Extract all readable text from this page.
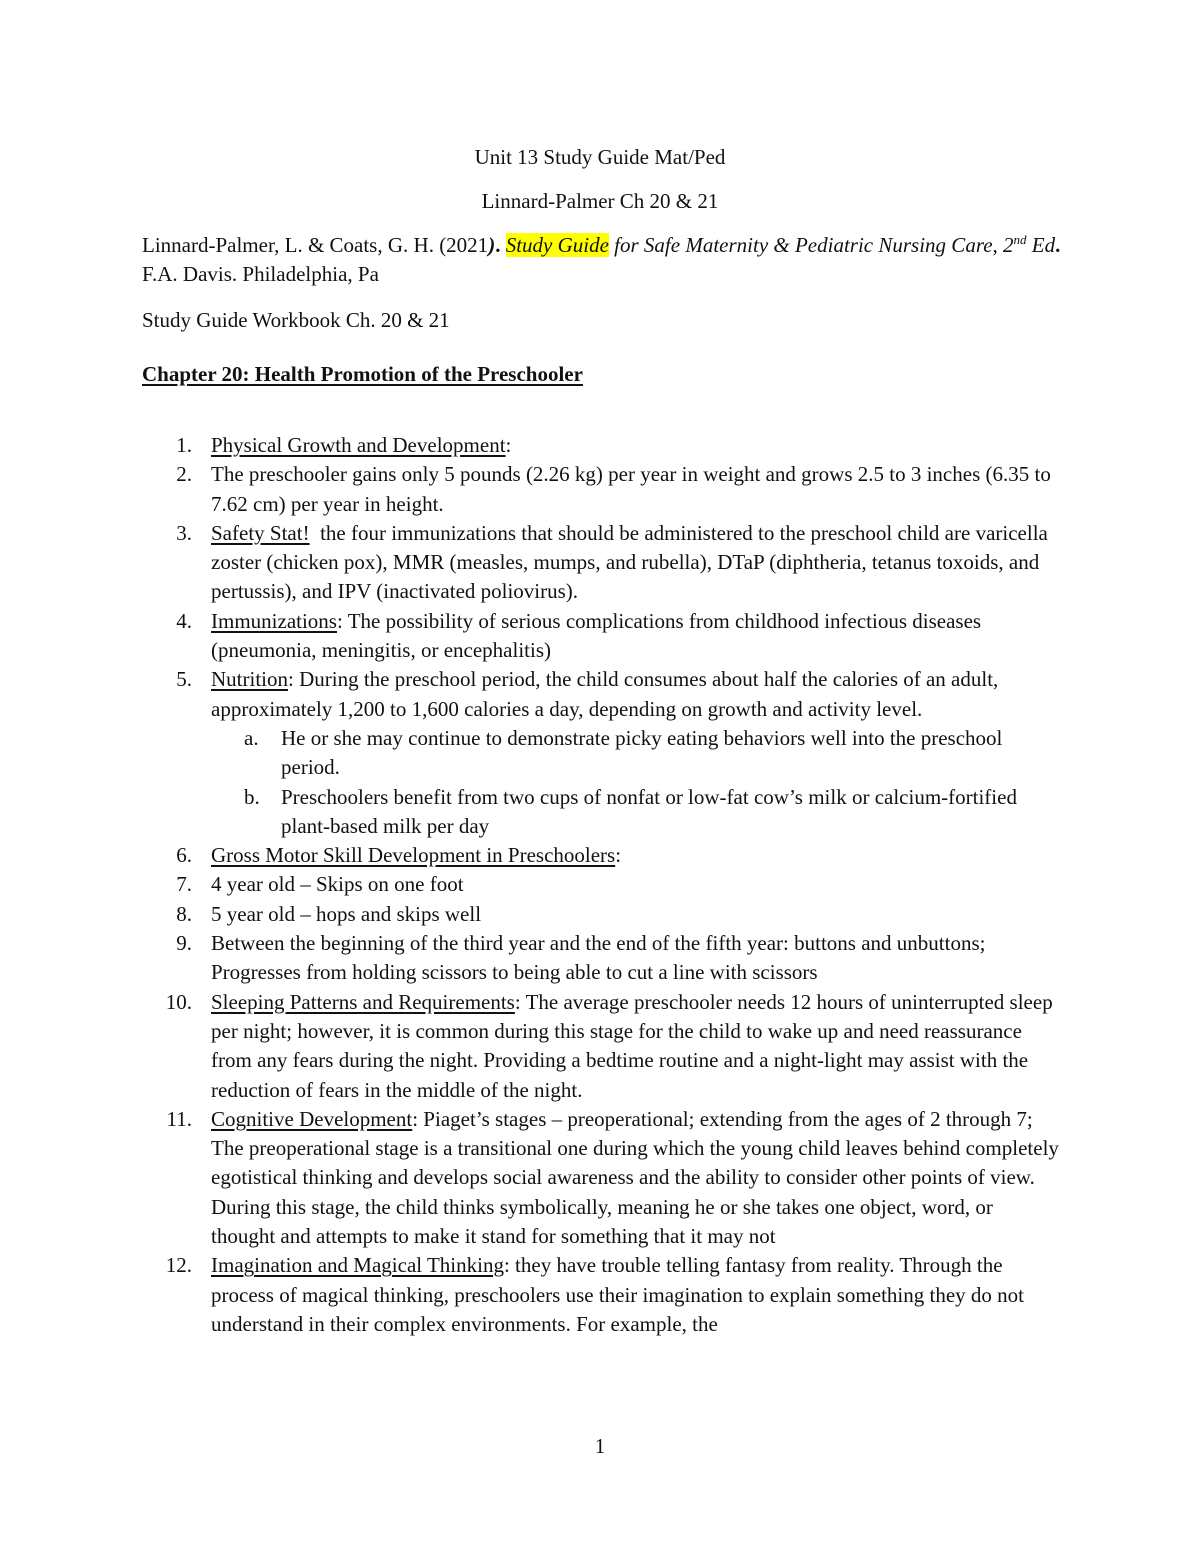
Unit 13 Study Guide Mat/Ped
Linnard-Palmer Ch 20 & 21
Linnard-Palmer, L. & Coats, G. H. (2021). Study Guide for Safe Maternity & Pediatric Nursing Care, 2nd Ed. F.A. Davis. Philadelphia, Pa
Study Guide Workbook Ch. 20 & 21
Chapter 20: Health Promotion of the Preschooler
1. Physical Growth and Development:
2. The preschooler gains only 5 pounds (2.26 kg) per year in weight and grows 2.5 to 3 inches (6.35 to 7.62 cm) per year in height.
3. Safety Stat!  the four immunizations that should be administered to the preschool child are varicella zoster (chicken pox), MMR (measles, mumps, and rubella), DTaP (diphtheria, tetanus toxoids, and pertussis), and IPV (inactivated poliovirus).
4. Immunizations: The possibility of serious complications from childhood infectious diseases (pneumonia, meningitis, or encephalitis)
5. Nutrition: During the preschool period, the child consumes about half the calories of an adult, approximately 1,200 to 1,600 calories a day, depending on growth and activity level.
a. He or she may continue to demonstrate picky eating behaviors well into the preschool period.
b. Preschoolers benefit from two cups of nonfat or low-fat cow’s milk or calcium-fortified plant-based milk per day
6. Gross Motor Skill Development in Preschoolers:
7. 4 year old – Skips on one foot
8. 5 year old – hops and skips well
9. Between the beginning of the third year and the end of the fifth year: buttons and unbuttons; Progresses from holding scissors to being able to cut a line with scissors
10. Sleeping Patterns and Requirements: The average preschooler needs 12 hours of uninterrupted sleep per night; however, it is common during this stage for the child to wake up and need reassurance from any fears during the night. Providing a bedtime routine and a night-light may assist with the reduction of fears in the middle of the night.
11. Cognitive Development: Piaget’s stages – preoperational; extending from the ages of 2 through 7; The preoperational stage is a transitional one during which the young child leaves behind completely egotistical thinking and develops social awareness and the ability to consider other points of view. During this stage, the child thinks symbolically, meaning he or she takes one object, word, or thought and attempts to make it stand for something that it may not
12. Imagination and Magical Thinking: they have trouble telling fantasy from reality. Through the process of magical thinking, preschoolers use their imagination to explain something they do not understand in their complex environments. For example, the
1
